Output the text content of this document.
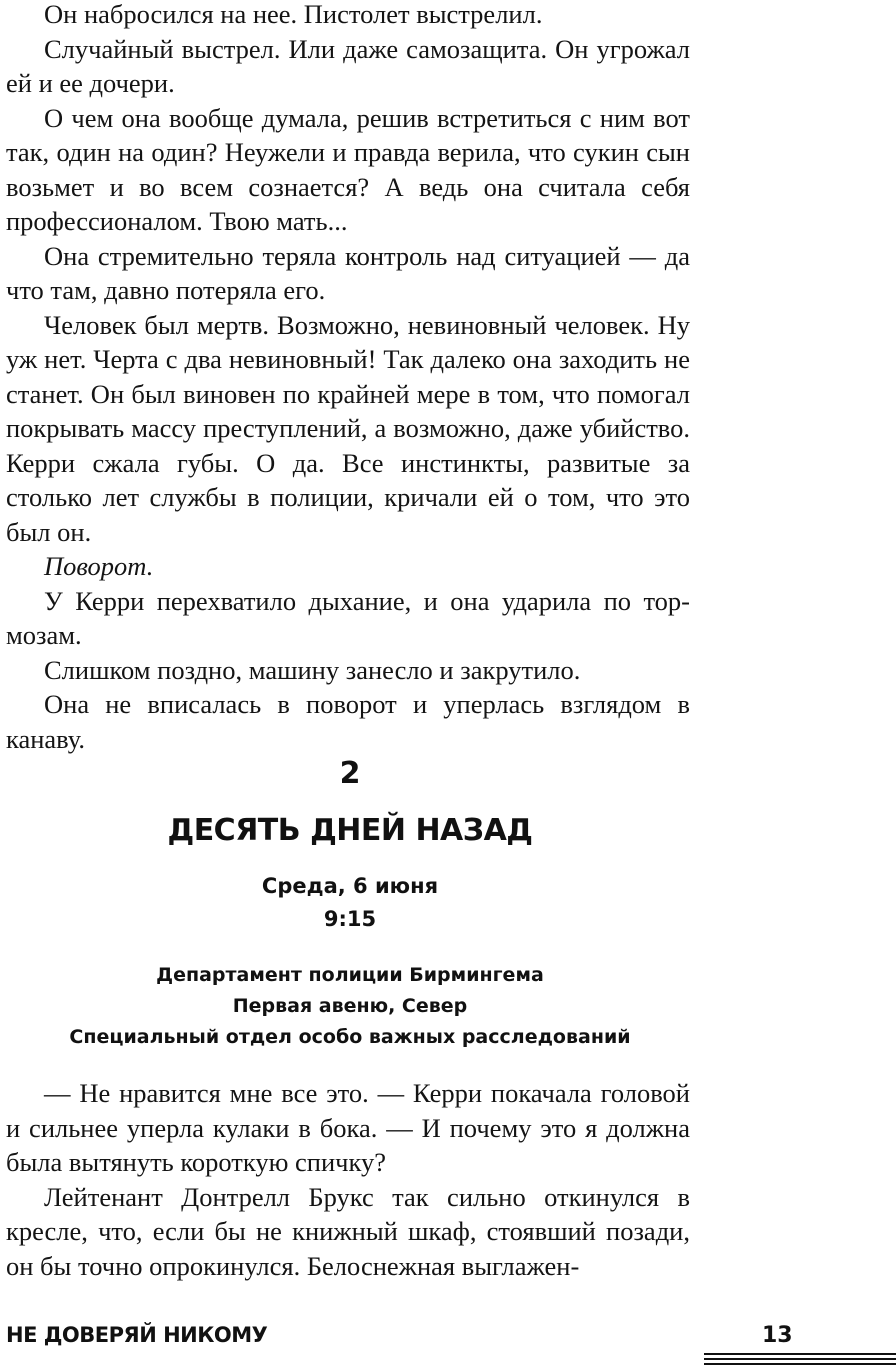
Он набросился на нее. Пистолет выстрелил.

Случайный выстрел. Или даже самозащита. Он угрожал ей и ее дочери.

О чем она вообще думала, решив встретиться с ним вот так, один на один? Неужели и правда верила, что сукин сын возьмет и во всем сознается? А ведь она считала себя профессионалом. Твою мать...

Она стремительно теряла контроль над ситуацией — да что там, давно потеряла его.

Человек был мертв. Возможно, невиновный человек. Ну уж нет. Черта с два невиновный! Так далеко она заходить не станет. Он был виновен по крайней мере в том, что помогал покрывать массу преступлений, а возможно, даже убийство. Керри сжала губы. О да. Все инстинкты, развитые за столько лет службы в полиции, кричали ей о том, что это был он.

Поворот.

У Керри перехватило дыхание, и она ударила по тормозам.

Слишком поздно, машину занесло и закрутило.

Она не вписалась в поворот и уперлась взглядом в канаву.

2
ДЕСЯТЬ ДНЕЙ НАЗАД
Среда, 6 июня
9:15
Департамент полиции Бирмингема
Первая авеню, Север
Специальный отдел особо важных расследований

— Не нравится мне все это. — Керри покачала головой и сильнее уперла кулаки в бока. — И почему это я должна была вытянуть короткую спичку?

Лейтенант Донтрелл Брукс так сильно откинулся в кресле, что, если бы не книжный шкаф, стоявший позади, он бы точно опрокинулся. Белоснежная выглажен-

НЕ ДОВЕРЯЙ НИКОМУ	13
